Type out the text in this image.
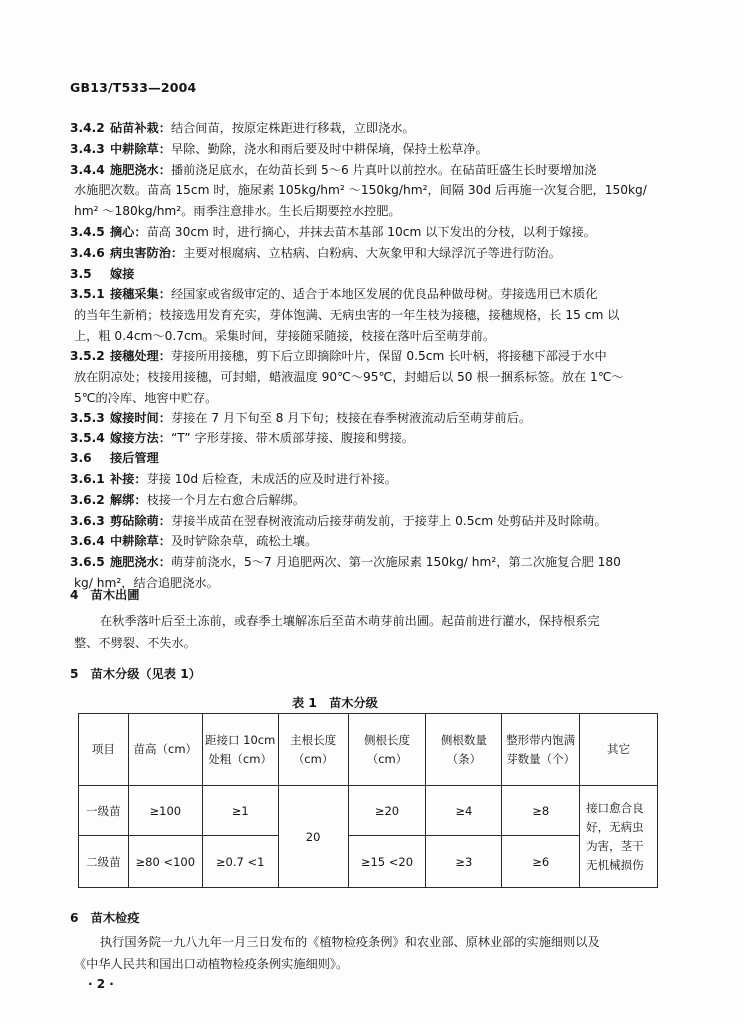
GB13/T533—2004
3.4.2 砧苗补栽：结合间苗，按原定株距进行移栽，立即浇水。
3.4.3 中耕除草：早除、勤除，浇水和雨后要及时中耕保墒，保持土松草净。
3.4.4 施肥浇水：播前浇足底水，在幼苗长到 5～6 片真叶以前控水。在砧苗旺盛生长时要增加浇
水施肥次数。苗高 15cm 时，施尿素 105kg/hm² ～150kg/hm²，间隔 30d 后再施一次复合肥，150kg/
hm² ～180kg/hm²。雨季注意排水。生长后期要控水控肥。
3.4.5 摘心：苗高 30cm 时，进行摘心，并抹去苗木基部 10cm 以下发出的分枝，以利于嫁接。
3.4.6 病虫害防治：主要对根腐病、立枯病、白粉病、大灰象甲和大绿浮沉子等进行防治。
3.5 嫁接
3.5.1 接穗采集：经国家或省级审定的、适合于本地区发展的优良品种做母树。芽接选用已木质化
的当年生新梢；枝接选用发育充实，芽体饱满、无病虫害的一年生枝为接穗，接穗规格，长 15 cm 以
上，粗 0.4cm～0.7cm。采集时间，芽接随采随接，枝接在落叶后至萌芽前。
3.5.2 接穗处理：芽接所用接穗，剪下后立即摘除叶片，保留 0.5cm 长叶柄，将接穗下部浸于水中
放在阴凉处；枝接用接穗，可封蜡，蜡液温度 90℃～95℃，封蜡后以 50 根一捆系标签。放在 1℃～
5℃的冷库、地窖中贮存。
3.5.3 嫁接时间：芽接在 7 月下旬至 8 月下旬；枝接在春季树液流动后至萌芽前后。
3.5.4 嫁接方法：“T” 字形芽接、带木质部芽接、腹接和劈接。
3.6 接后管理
3.6.1 补接：芽接 10d 后检查，未成活的应及时进行补接。
3.6.2 解绑：枝接一个月左右愈合后解绑。
3.6.3 剪砧除萌：芽接半成苗在翌春树液流动后接芽萌发前，于接芽上 0.5cm 处剪砧并及时除萌。
3.6.4 中耕除草：及时铲除杂草，疏松土壤。
3.6.5 施肥浇水：萌芽前浇水，5～7 月追肥两次、第一次施尿素 150kg/ hm²，第二次施复合肥 180
kg/ hm²，结合追肥浇水。
4　苗木出圃
在秋季落叶后至土冻前，或春季土壤解冻后至苗木萌芽前出圃。起苗前进行灌水，保持根系完
整、不劈裂、不失水。
5　苗木分级（见表 1）
表 1　苗木分级
项目	苗高（cm）	距接口 10cm 处粗（cm）	主根长度（cm）	侧根长度（cm）	侧根数量（条）	整形带内饱满芽数量（个）	其它
一级苗	≥100	≥1	20	≥20	≥4	≥8	接口愈合良好，无病虫为害，茎干无机械损伤
二级苗	≥80 <100	≥0.7 <1		≥15 <20	≥3	≥6	
6　苗木检疫
执行国务院一九八九年一月三日发布的《植物检疫条例》和农业部、原林业部的实施细则以及
《中华人民共和国出口动植物检疫条例实施细则》。
· 2 ·
